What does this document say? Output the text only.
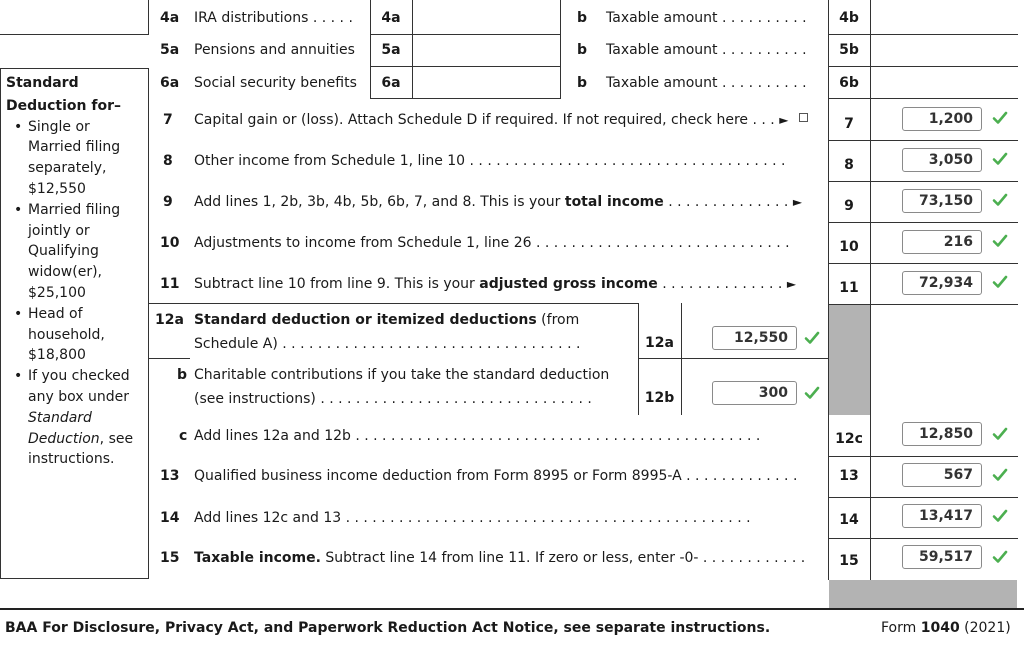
4a IRA distributions . . . . .	4a	b Taxable amount . . . . . . . . . .	4b
5a Pensions and annuities	5a	b Taxable amount . . . . . . . . . .	5b
6a Social security benefits	6a	b Taxable amount . . . . . . . . . .	6b
Standard
Deduction for–
• Single or
Married filing
separately,
$12,550
• Married filing
jointly or
Qualifying
widow(er),
$25,100
• Head of
household,
$18,800
• If you checked
any box under
Standard
Deduction, see
instructions.
7 Capital gain or (loss). Attach Schedule D if required. If not required, check here . . . ►	7	1,200
8 Other income from Schedule 1, line 10 . . . . . . . . . . . . . . . . . . . . . . . . . . . . . . . . . . . .	8	3,050
9 Add lines 1, 2b, 3b, 4b, 5b, 6b, 7, and 8. This is your total income . . . . . . . . . . . . . . ►	9	73,150
10 Adjustments to income from Schedule 1, line 26 . . . . . . . . . . . . . . . . . . . . . . . . . . . . .	10	216
11 Subtract line 10 from line 9. This is your adjusted gross income . . . . . . . . . . . . . . ►	11	72,934
12a Standard deduction or itemized deductions (from
Schedule A) . . . . . . . . . . . . . . . . . . . . . . . . . . . . . . . . . .	12a	12,550
b Charitable contributions if you take the standard deduction
(see instructions) . . . . . . . . . . . . . . . . . . . . . . . . . . . . . . .	12b	300
c Add lines 12a and 12b . . . . . . . . . . . . . . . . . . . . . . . . . . . . . . . . . . . . . . . . . . . . . .	12c	12,850
13 Qualified business income deduction from Form 8995 or Form 8995-A . . . . . . . . . . . . .	13	567
14 Add lines 12c and 13 . . . . . . . . . . . . . . . . . . . . . . . . . . . . . . . . . . . . . . . . . . . . . .	14	13,417
15 Taxable income. Subtract line 14 from line 11. If zero or less, enter -0- . . . . . . . . . . . .	15	59,517
BAA For Disclosure, Privacy Act, and Paperwork Reduction Act Notice, see separate instructions.	Form 1040 (2021)
